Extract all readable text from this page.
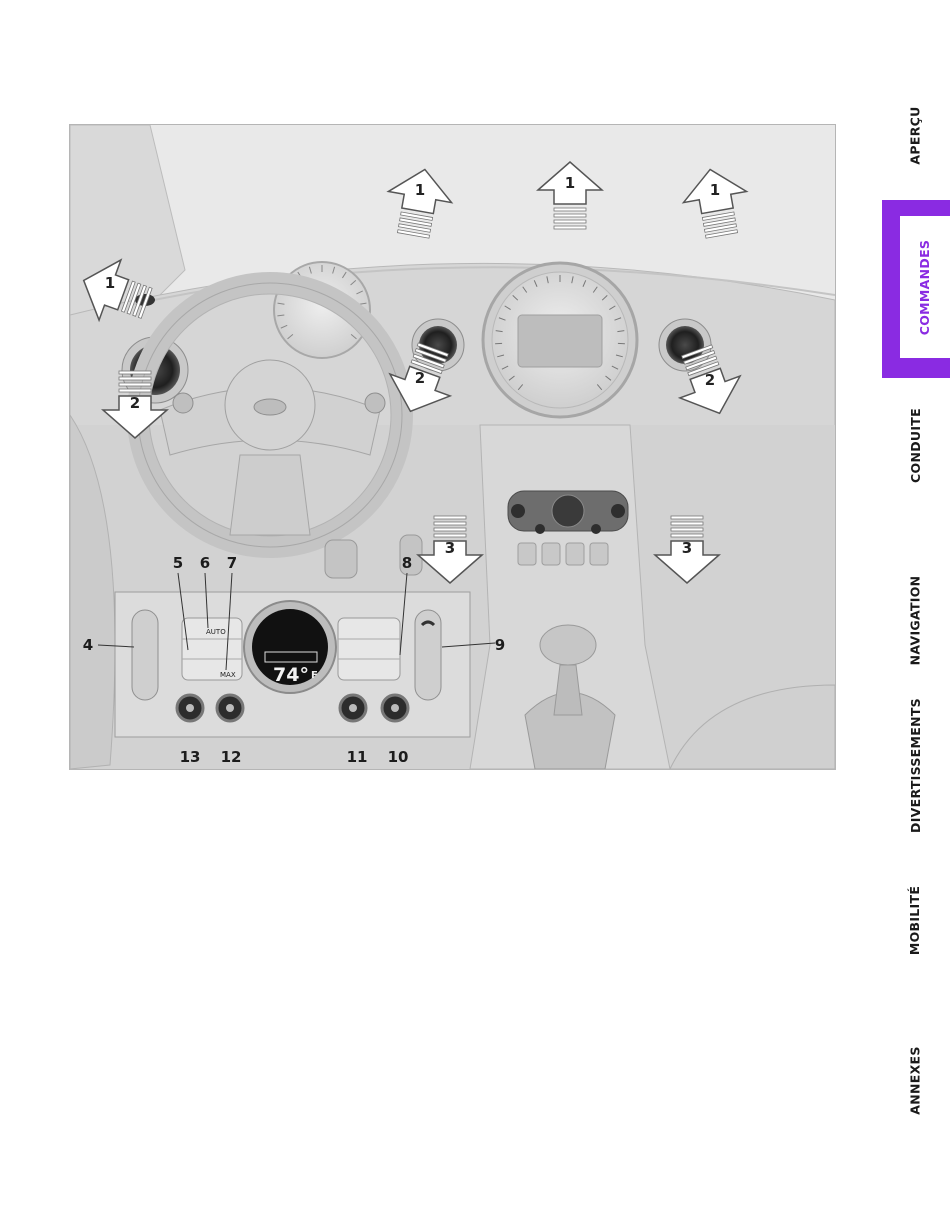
1	1	1
1
2
2	2
3	3
74° F
AUTO
MAX
4
5 6 7	8
9
10
11
12
13
APERÇU
COMMANDES
CONDUITE
NAVIGATION
DIVERTISSEMENTS
MOBILITÉ
ANNEXES
